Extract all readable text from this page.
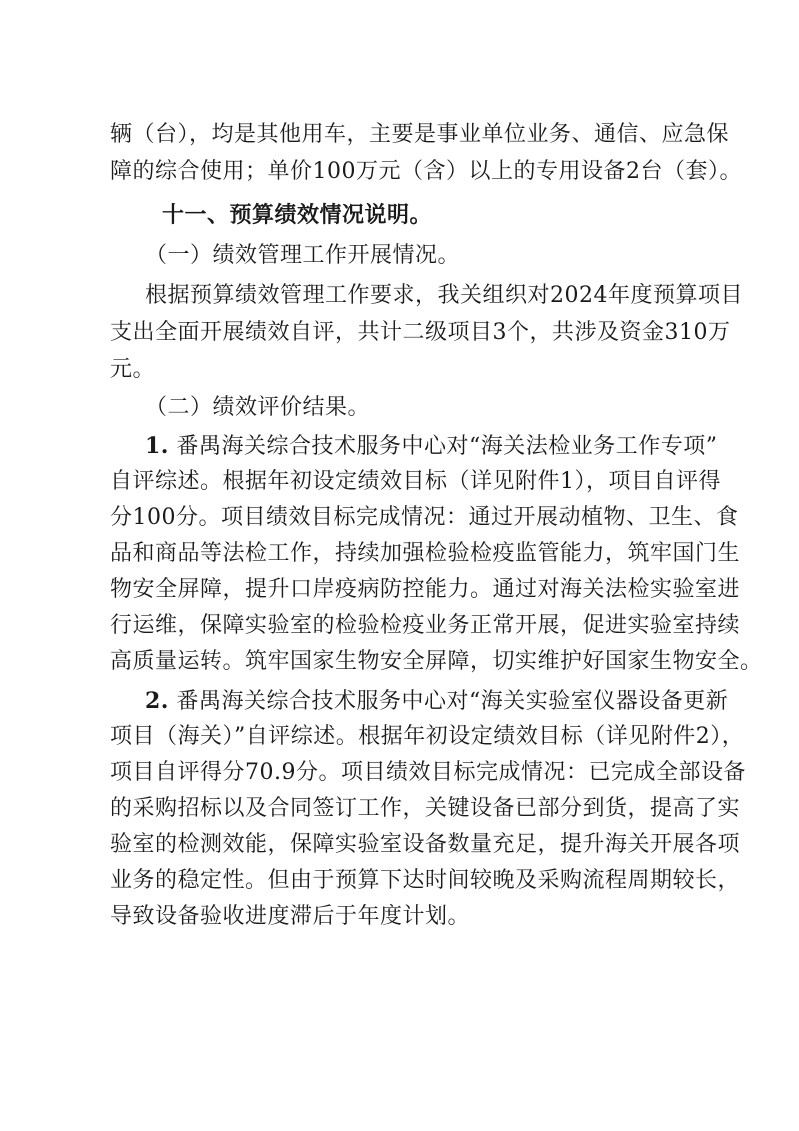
辆（台），均是其他用车，主要是事业单位业务、通信、应急保
障的综合使用；单价100万元（含）以上的专用设备2台（套）。
十一、预算绩效情况说明。
（一）绩效管理工作开展情况。
根据预算绩效管理工作要求，我关组织对2024年度预算项目
支出全面开展绩效自评，共计二级项目3个，共涉及资金310万
元。
（二）绩效评价结果。
1. 番禺海关综合技术服务中心对“海关法检业务工作专项”
自评综述。根据年初设定绩效目标（详见附件1），项目自评得
分100分。项目绩效目标完成情况：通过开展动植物、卫生、食
品和商品等法检工作，持续加强检验检疫监管能力，筑牢国门生
物安全屏障，提升口岸疫病防控能力。通过对海关法检实验室进
行运维，保障实验室的检验检疫业务正常开展，促进实验室持续
高质量运转。筑牢国家生物安全屏障，切实维护好国家生物安全。
2. 番禺海关综合技术服务中心对“海关实验室仪器设备更新
项目（海关）”自评综述。根据年初设定绩效目标（详见附件2），
项目自评得分70.9分。项目绩效目标完成情况：已完成全部设备
的采购招标以及合同签订工作，关键设备已部分到货，提高了实
验室的检测效能，保障实验室设备数量充足，提升海关开展各项
业务的稳定性。但由于预算下达时间较晚及采购流程周期较长，
导致设备验收进度滞后于年度计划。
